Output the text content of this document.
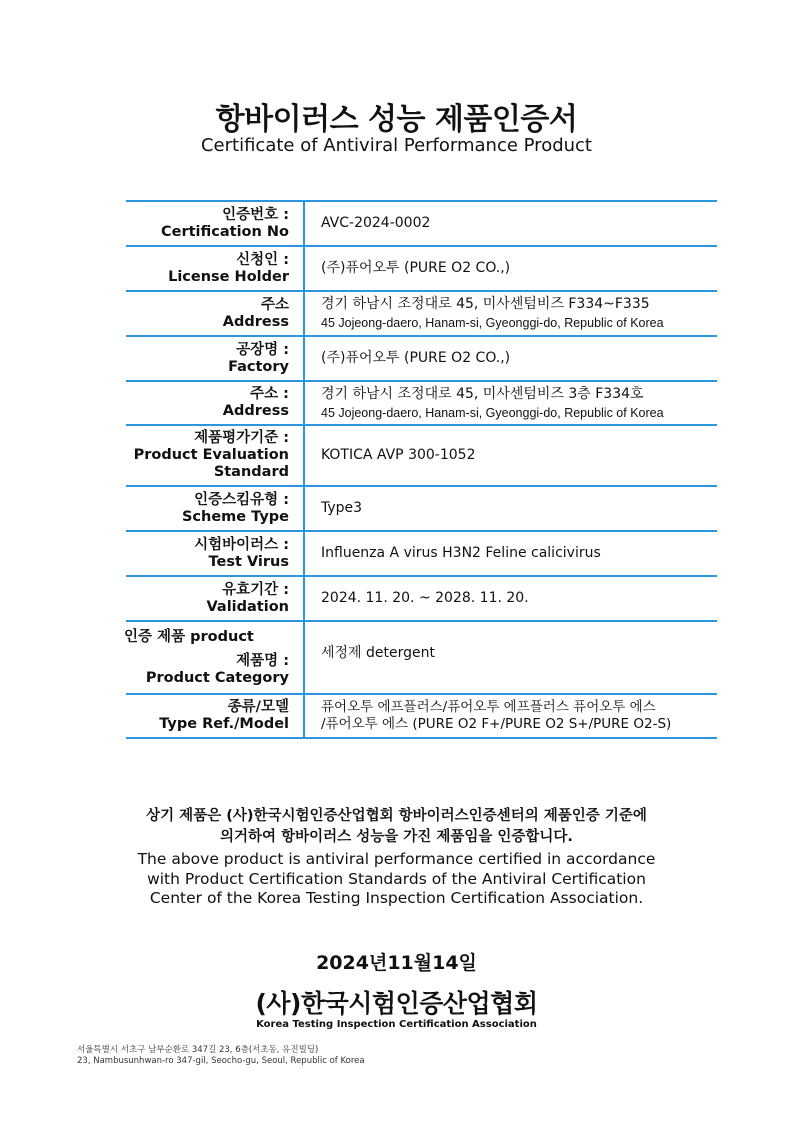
항바이러스 성능 제품인증서
Certificate of Antiviral Performance Product
인증번호 :
Certification No
AVC-2024-0002
신청인 :
License Holder
(주)퓨어오투 (PURE O2 CO.,)
주소
Address
경기 하남시 조정대로 45, 미사센텀비즈 F334~F335
45 Jojeong-daero, Hanam-si, Gyeonggi-do, Republic of Korea
공장명 :
Factory
(주)퓨어오투 (PURE O2 CO.,)
주소 :
Address
경기 하남시 조정대로 45, 미사센텀비즈 3층 F334호
45 Jojeong-daero, Hanam-si, Gyeonggi-do, Republic of Korea
제품평가기준 :
Product Evaluation
Standard
KOTICA AVP 300-1052
인증스킴유형 :
Scheme Type
Type3
시험바이러스 :
Test Virus
Influenza A virus H3N2 Feline calicivirus
유효기간 :
Validation
2024. 11. 20. ~ 2028. 11. 20.
인증 제품 product
제품명 :
Product Category
세정제 detergent
종류/모델
Type Ref./Model
퓨어오투 에프플러스/퓨어오투 에프플러스 퓨어오투 에스
/퓨어오투 에스 (PURE O2 F+/PURE O2 S+/PURE O2-S)
상기 제품은 (사)한국시험인증산업협회 항바이러스인증센터의 제품인증 기준에
의거하여 항바이러스 성능을 가진 제품임을 인증합니다.
The above product is antiviral performance certified in accordance
with Product Certification Standards of the Antiviral Certification
Center of the Korea Testing Inspection Certification Association.
2024년11월14일
(사)한국시험인증산업협회
Korea Testing Inspection Certification Association
서울특별시 서초구 남부순환로 347길 23, 6층(서초동, 유진빌딩)
23, Nambusunhwan-ro 347-gil, Seocho-gu, Seoul, Republic of Korea
